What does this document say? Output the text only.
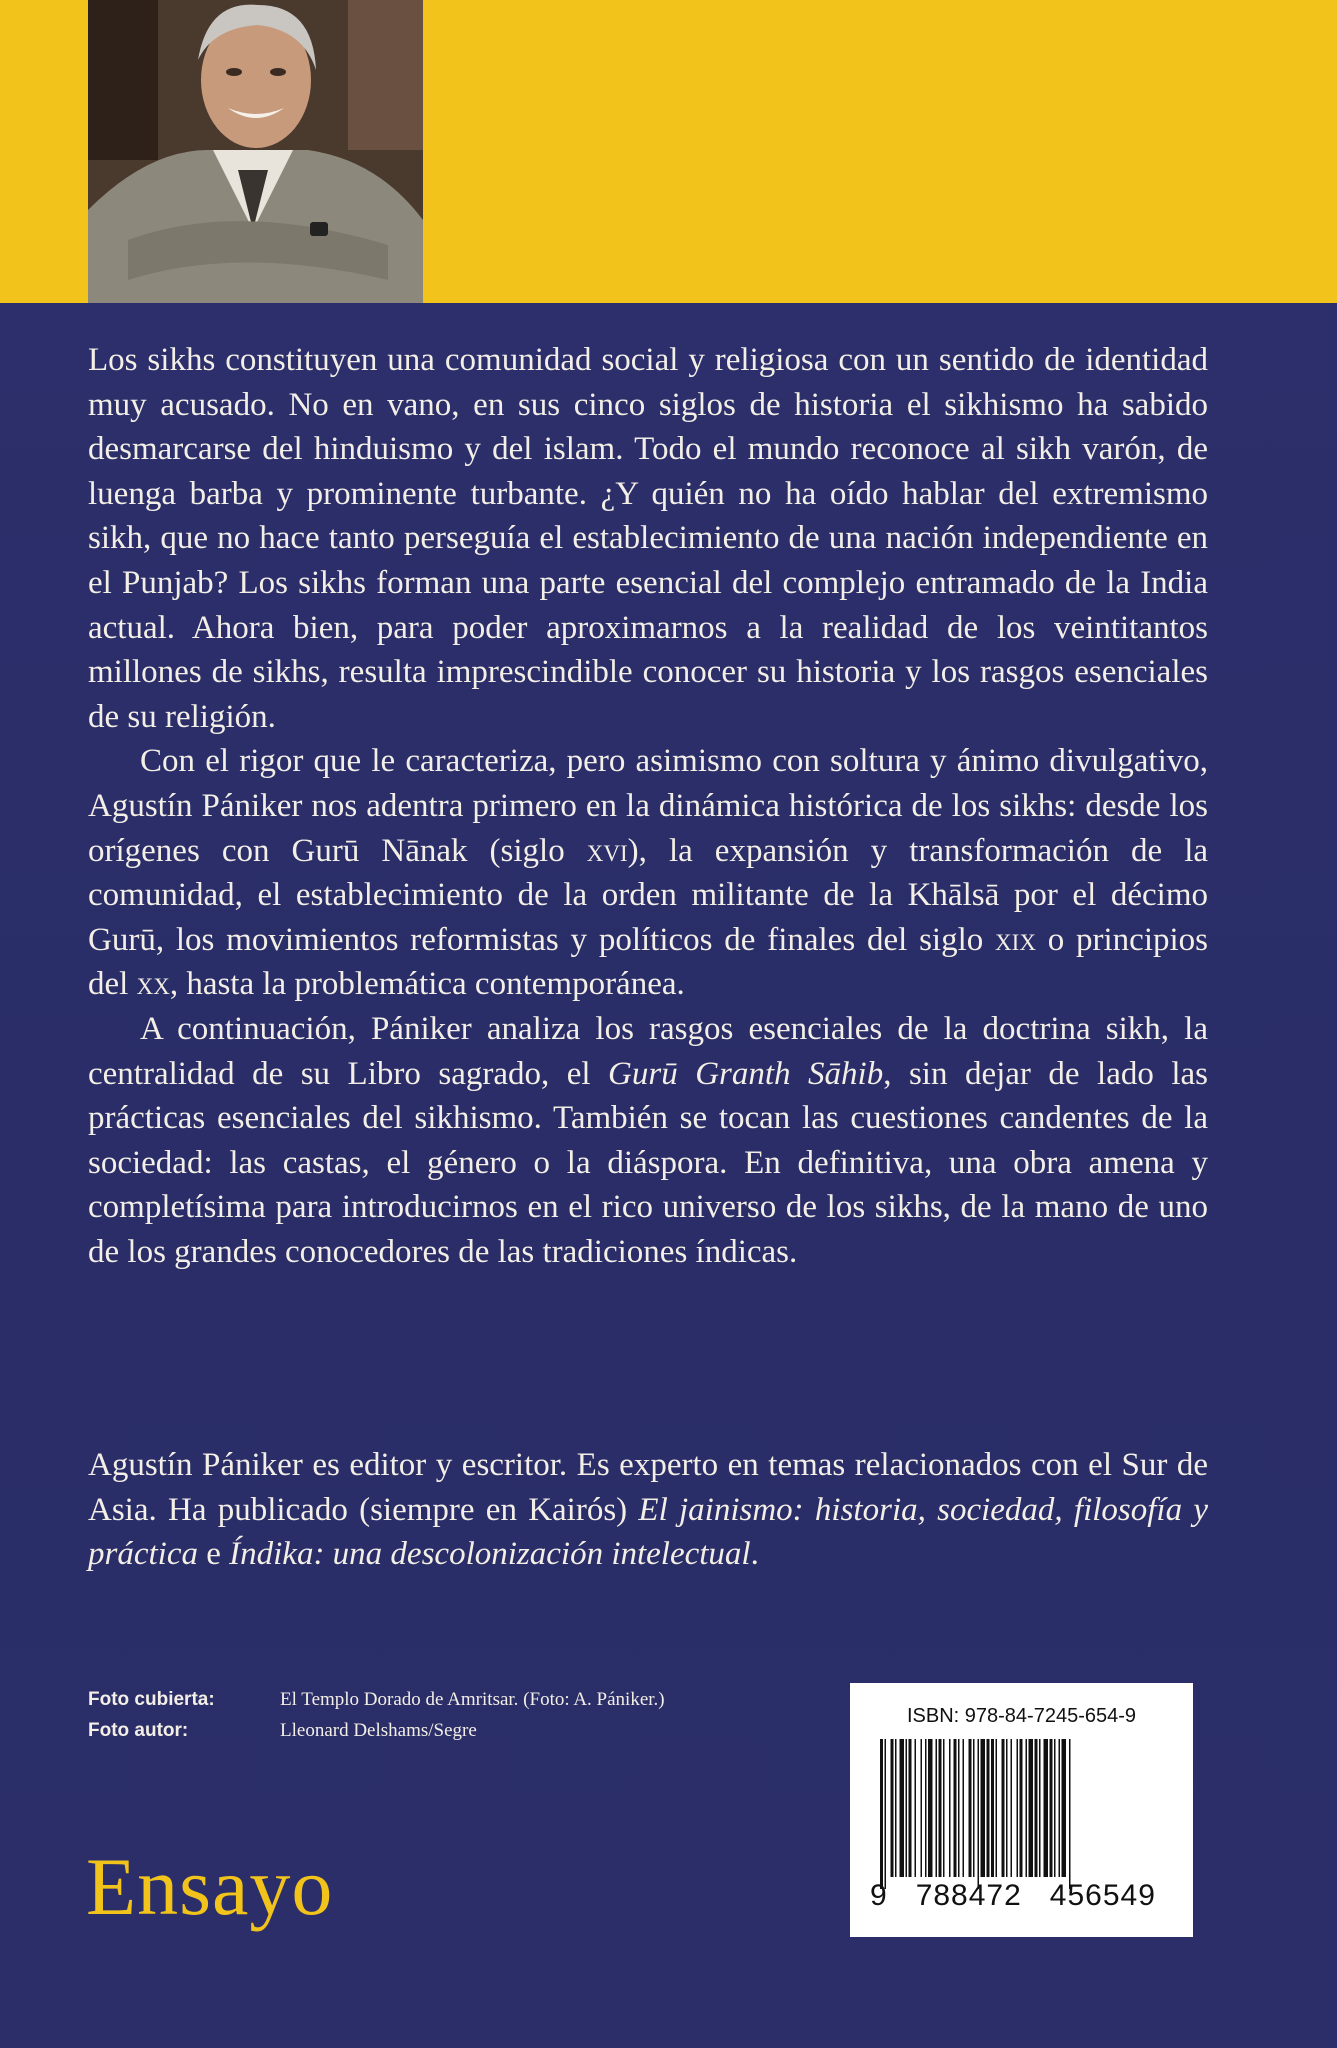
Los sikhs constituyen una comunidad social y religiosa con un sentido de identidad muy acusado. No en vano, en sus cinco siglos de historia el sikhismo ha sabido desmarcarse del hinduismo y del islam. Todo el mundo reconoce al sikh varón, de luenga barba y prominente turbante. ¿Y quién no ha oído hablar del extremismo sikh, que no hace tanto perseguía el establecimiento de una nación independiente en el Punjab? Los sikhs forman una parte esencial del complejo entramado de la India actual. Ahora bien, para poder aproximarnos a la realidad de los veintitantos millones de sikhs, resulta imprescindible conocer su historia y los rasgos esenciales de su religión.

Con el rigor que le caracteriza, pero asimismo con soltura y ánimo divulgativo, Agustín Pániker nos adentra primero en la dinámica histórica de los sikhs: desde los orígenes con Gurū Nānak (siglo xvi), la expansión y transformación de la comunidad, el establecimiento de la orden militante de la Khālsā por el décimo Gurū, los movimientos reformistas y políticos de finales del siglo xix o principios del xx, hasta la problemática contemporánea.

A continuación, Pániker analiza los rasgos esenciales de la doctrina sikh, la centralidad de su Libro sagrado, el Gurū Granth Sāhib, sin dejar de lado las prácticas esenciales del sikhismo. También se tocan las cuestiones candentes de la sociedad: las castas, el género o la diáspora. En definitiva, una obra amena y completísima para introducirnos en el rico universo de los sikhs, de la mano de uno de los grandes conocedores de las tradiciones índicas.

Agustín Pániker es editor y escritor. Es experto en temas relacionados con el Sur de Asia. Ha publicado (siempre en Kairós) El jainismo: historia, sociedad, filosofía y práctica e Índika: una descolonización intelectual.

Foto cubierta:	El Templo Dorado de Amritsar. (Foto: A. Pániker.)
Foto autor:	Lleonard Delshams/Segre
Ensayo
ISBN: 978-84-7245-654-9
9   788472   456549
